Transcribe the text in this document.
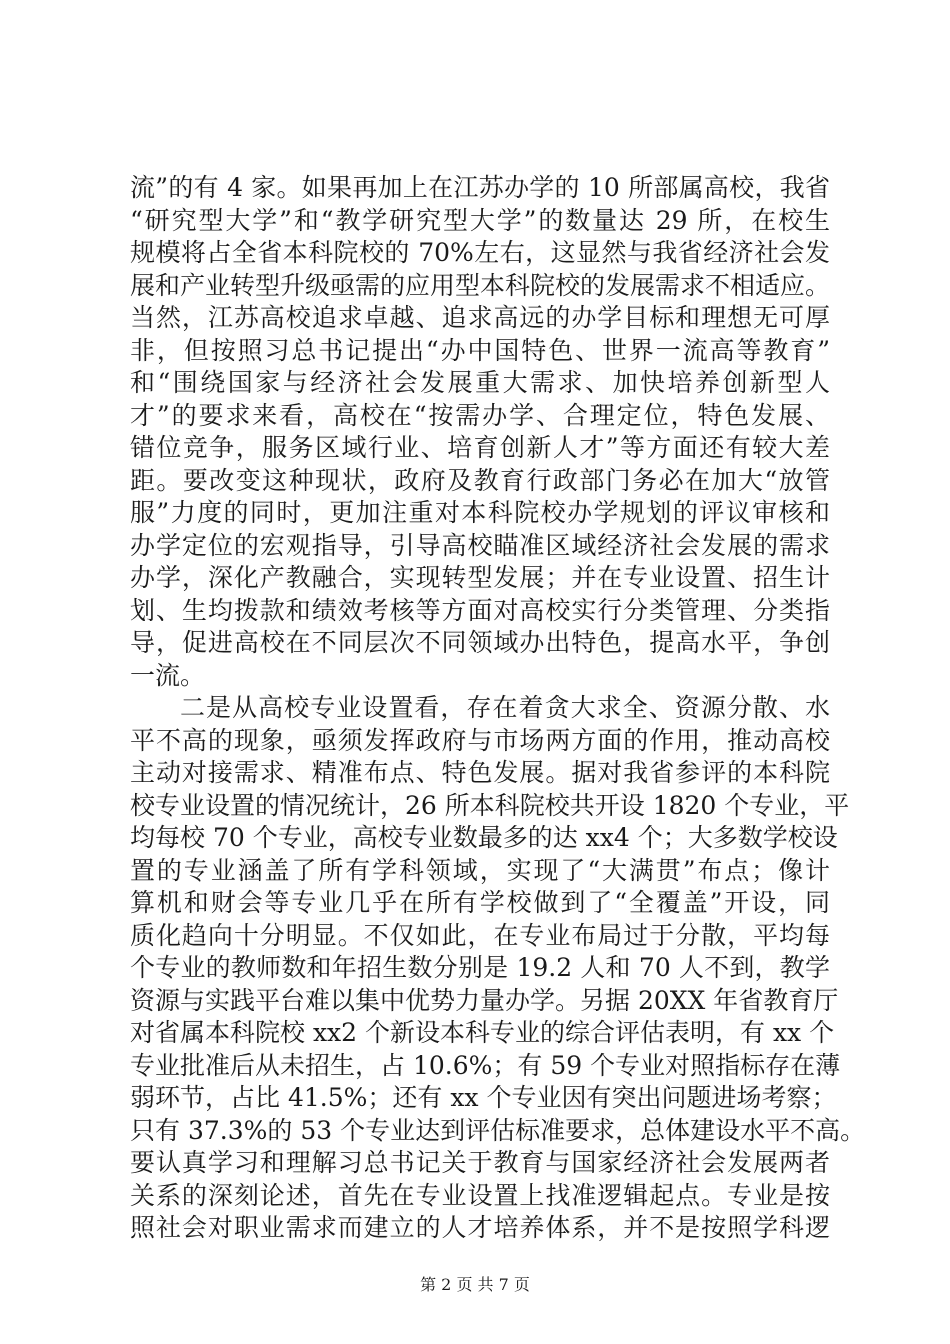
流”的有 4 家。如果再加上在江苏办学的 10 所部属高校，我省
“研究型大学”和“教学研究型大学”的数量达 29 所，在校生
规模将占全省本科院校的 70%左右，这显然与我省经济社会发
展和产业转型升级亟需的应用型本科院校的发展需求不相适应。
当然，江苏高校追求卓越、追求高远的办学目标和理想无可厚
非，但按照习总书记提出“办中国特色、世界一流高等教育”
和“围绕国家与经济社会发展重大需求、加快培养创新型人
才”的要求来看，高校在“按需办学、合理定位，特色发展、
错位竞争，服务区域行业、培育创新人才”等方面还有较大差
距。要改变这种现状，政府及教育行政部门务必在加大“放管
服”力度的同时，更加注重对本科院校办学规划的评议审核和
办学定位的宏观指导，引导高校瞄准区域经济社会发展的需求
办学，深化产教融合，实现转型发展；并在专业设置、招生计
划、生均拨款和绩效考核等方面对高校实行分类管理、分类指
导，促进高校在不同层次不同领域办出特色，提高水平，争创
一流。
二是从高校专业设置看，存在着贪大求全、资源分散、水
平不高的现象，亟须发挥政府与市场两方面的作用，推动高校
主动对接需求、精准布点、特色发展。据对我省参评的本科院
校专业设置的情况统计，26 所本科院校共开设 1820 个专业，平
均每校 70 个专业，高校专业数最多的达 xx4 个；大多数学校设
置的专业涵盖了所有学科领域，实现了“大满贯”布点；像计
算机和财会等专业几乎在所有学校做到了“全覆盖”开设，同
质化趋向十分明显。不仅如此，在专业布局过于分散，平均每
个专业的教师数和年招生数分别是 19.2 人和 70 人不到，教学
资源与实践平台难以集中优势力量办学。另据 20XX 年省教育厅
对省属本科院校 xx2 个新设本科专业的综合评估表明，有 xx 个
专业批准后从未招生，占 10.6%；有 59 个专业对照指标存在薄
弱环节，占比 41.5%；还有 xx 个专业因有突出问题进场考察；
只有 37.3%的 53 个专业达到评估标准要求，总体建设水平不高。
要认真学习和理解习总书记关于教育与国家经济社会发展两者
关系的深刻论述，首先在专业设置上找准逻辑起点。专业是按
照社会对职业需求而建立的人才培养体系，并不是按照学科逻
第 2 页 共 7 页
